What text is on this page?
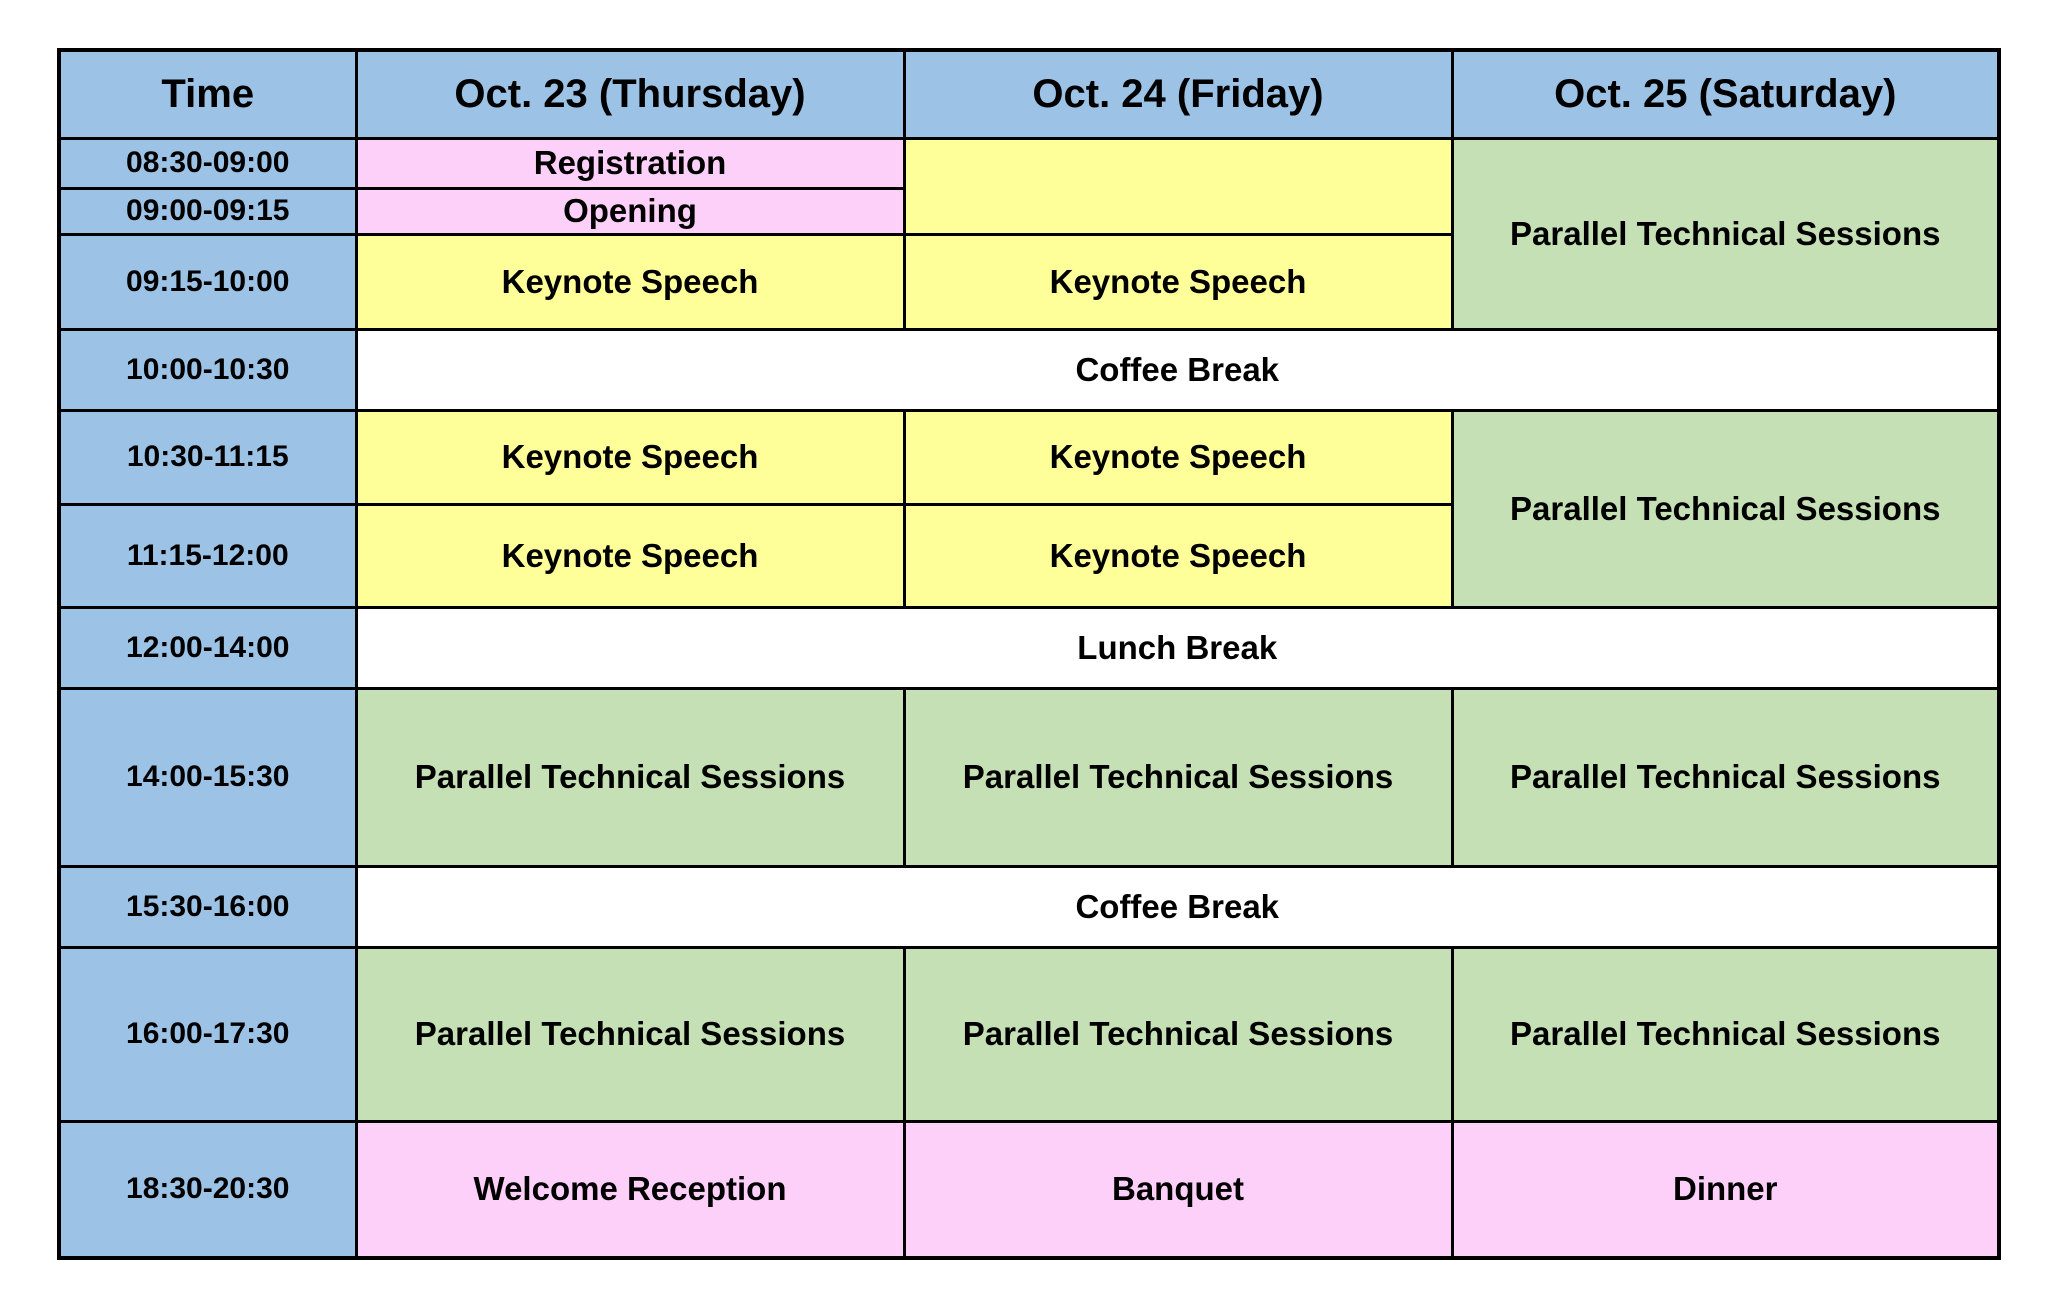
Time	Oct. 23 (Thursday)	Oct. 24 (Friday)	Oct. 25 (Saturday)
08:30-09:00	Registration		Parallel Technical Sessions
09:00-09:15	Opening		
09:15-10:00	Keynote Speech	Keynote Speech	
10:00-10:30	Coffee Break		
10:30-11:15	Keynote Speech	Keynote Speech	Parallel Technical Sessions
11:15-12:00	Keynote Speech	Keynote Speech	
12:00-14:00	Lunch Break		
14:00-15:30	Parallel Technical Sessions	Parallel Technical Sessions	Parallel Technical Sessions
15:30-16:00	Coffee Break		
16:00-17:30	Parallel Technical Sessions	Parallel Technical Sessions	Parallel Technical Sessions
18:30-20:30	Welcome Reception	Banquet	Dinner
